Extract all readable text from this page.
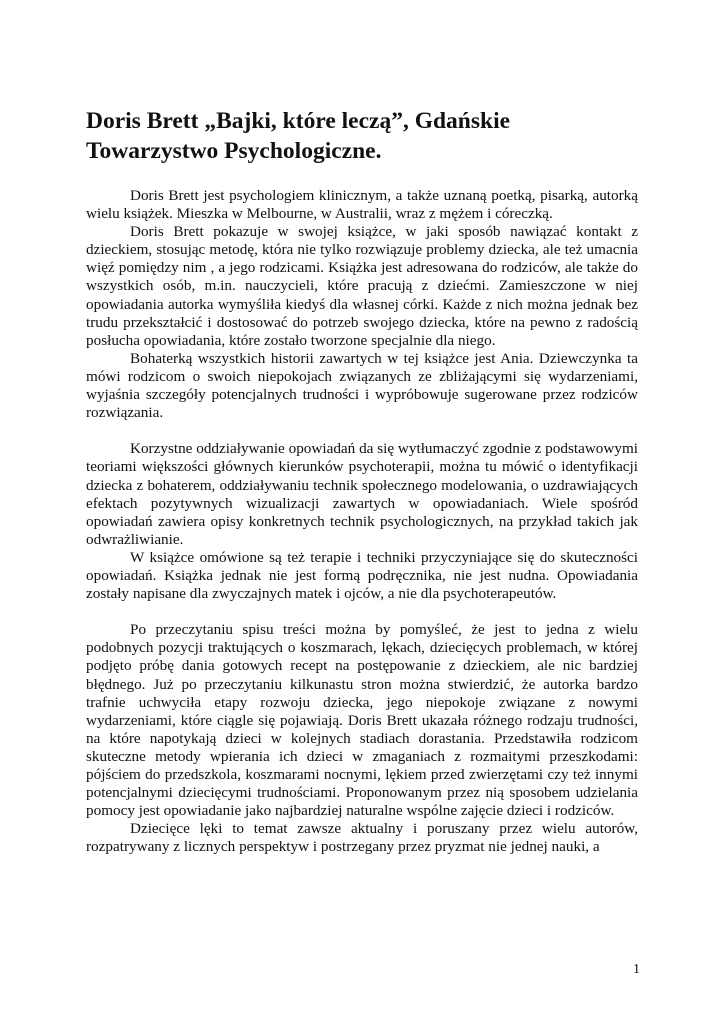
Doris Brett „Bajki, które leczą”, Gdańskie
Towarzystwo Psychologiczne.

Doris Brett jest psychologiem klinicznym, a także uznaną poetką, pisarką, autorką wielu książek. Mieszka w Melbourne, w Australii, wraz z mężem i córeczką.

Doris Brett pokazuje w swojej książce, w jaki sposób nawiązać kontakt z dzieckiem, stosując metodę, która nie tylko rozwiązuje problemy dziecka, ale też umacnia więź pomiędzy nim , a jego rodzicami. Książka jest adresowana do rodziców, ale także do wszystkich osób, m.in. nauczycieli, które pracują z dziećmi. Zamieszczone w niej opowiadania autorka wymyśliła kiedyś dla własnej córki. Każde z nich można jednak bez trudu przekształcić i dostosować do potrzeb swojego dziecka, które na pewno z radością posłucha opowiadania, które zostało tworzone specjalnie dla niego.

Bohaterką wszystkich historii zawartych w tej książce jest Ania. Dziewczynka ta mówi rodzicom o swoich niepokojach związanych ze zbliżającymi się wydarzeniami, wyjaśnia szczegóły potencjalnych trudności i wypróbowuje sugerowane przez rodziców rozwiązania.

Korzystne oddziaływanie opowiadań da się wytłumaczyć zgodnie z podstawowymi teoriami większości głównych kierunków psychoterapii, można tu mówić o identyfikacji dziecka z bohaterem, oddziaływaniu technik społecznego modelowania, o uzdrawiających efektach pozytywnych wizualizacji zawartych w opowiadaniach. Wiele spośród opowiadań zawiera opisy konkretnych technik psychologicznych, na przykład takich jak odwrażliwianie.

W książce omówione są też terapie i techniki przyczyniające się do skuteczności opowiadań. Książka jednak nie jest formą podręcznika, nie jest nudna. Opowiadania zostały napisane dla zwyczajnych matek i ojców, a nie dla psychoterapeutów.

Po przeczytaniu spisu treści można by pomyśleć, że jest to jedna z wielu podobnych pozycji traktujących o koszmarach, lękach, dziecięcych problemach, w której podjęto próbę dania gotowych recept na postępowanie z dzieckiem, ale nic bardziej błędnego. Już po przeczytaniu kilkunastu stron można stwierdzić, że autorka bardzo trafnie uchwyciła etapy rozwoju dziecka, jego niepokoje związane z nowymi wydarzeniami, które ciągle się pojawiają. Doris Brett ukazała różnego rodzaju trudności, na które napotykają dzieci w kolejnych stadiach dorastania. Przedstawiła rodzicom skuteczne metody wpierania ich dzieci w zmaganiach z rozmaitymi przeszkodami: pójściem do przedszkola, koszmarami nocnymi, lękiem przed zwierzętami czy też innymi potencjalnymi dziecięcymi trudnościami. Proponowanym przez nią sposobem udzielania pomocy jest opowiadanie jako najbardziej naturalne wspólne zajęcie dzieci i rodziców.

Dziecięce lęki to temat zawsze aktualny i poruszany przez wielu autorów, rozpatrywany z licznych perspektyw i postrzegany przez pryzmat nie jednej nauki, a

1
